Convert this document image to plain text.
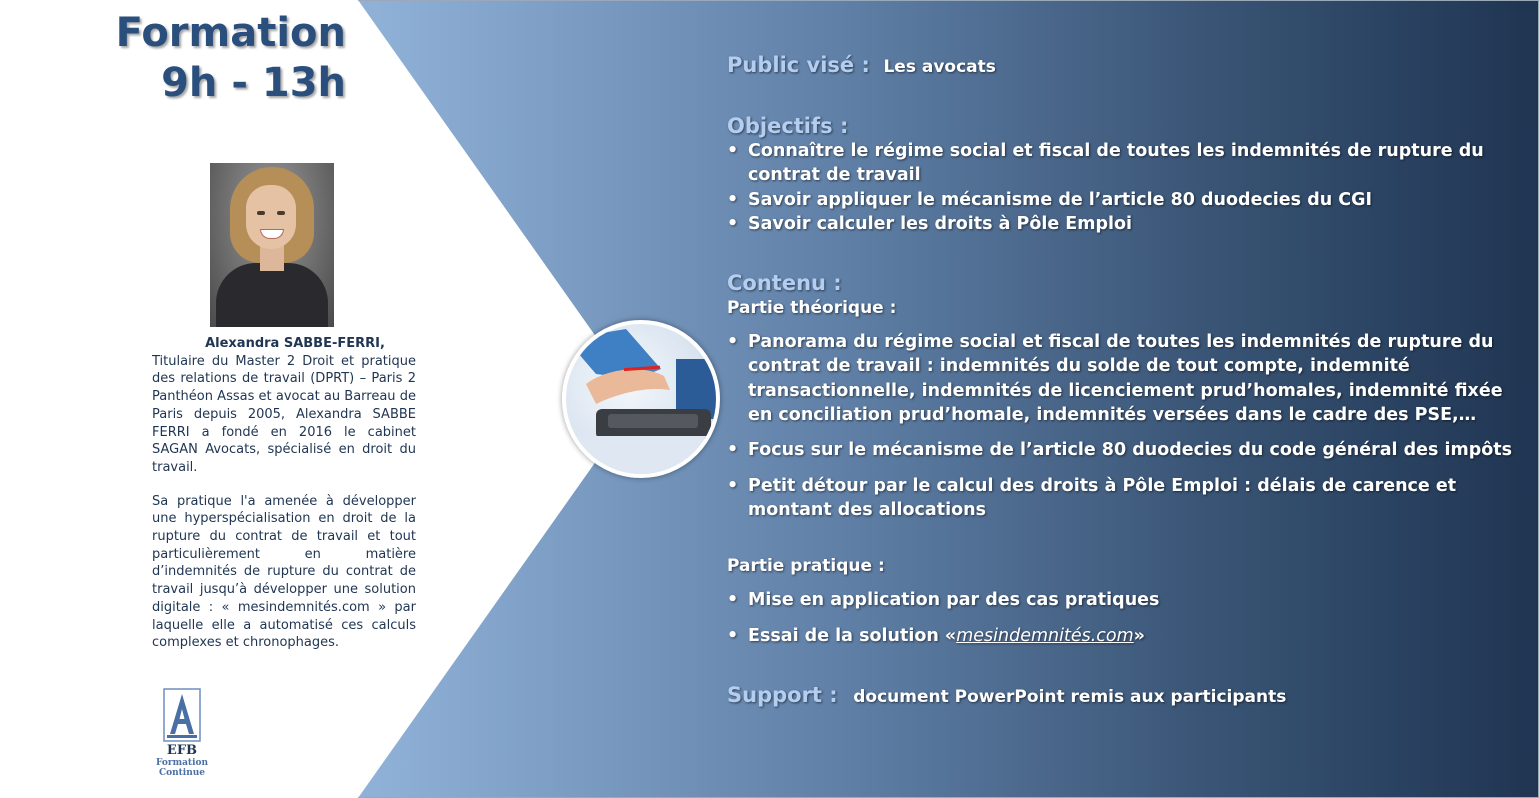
Formation
9h - 13h
Alexandra SABBE-FERRI,

Titulaire du Master 2 Droit et pratique des relations de travail (DPRT) – Paris 2 Panthéon Assas et avocat au Barreau de Paris depuis 2005, Alexandra SABBE FERRI a fondé en 2016 le cabinet SAGAN Avocats, spécialisé en droit du travail.

Sa pratique l'a amenée à développer une hyperspécialisation en droit de la rupture du contrat de travail et tout particulièrement en matière d’indemnités de rupture du contrat de travail jusqu’à développer une solution digitale : « mesindemnités.com » par laquelle elle a automatisé ces calculs complexes et chronophages.

EFB
Formation
Continue
Public visé : Les avocats
Objectifs :
• Connaître le régime social et fiscal de toutes les indemnités de rupture du contrat de travail
• Savoir appliquer le mécanisme de l’article 80 duodecies du CGI
• Savoir calculer les droits à Pôle Emploi
Contenu :
Partie théorique :
• Panorama du régime social et fiscal de toutes les indemnités de rupture du contrat de travail : indemnités du solde de tout compte, indemnité transactionnelle, indemnités de licenciement prud’homales, indemnité fixée en conciliation prud’homale, indemnités versées dans le cadre des PSE,…
• Focus sur le mécanisme de l’article 80 duodecies du code général des impôts
• Petit détour par le calcul des droits à Pôle Emploi : délais de carence et montant des allocations
Partie pratique :
• Mise en application par des cas pratiques
• Essai de la solution «mesindemnités.com»
Support : document PowerPoint remis aux participants
